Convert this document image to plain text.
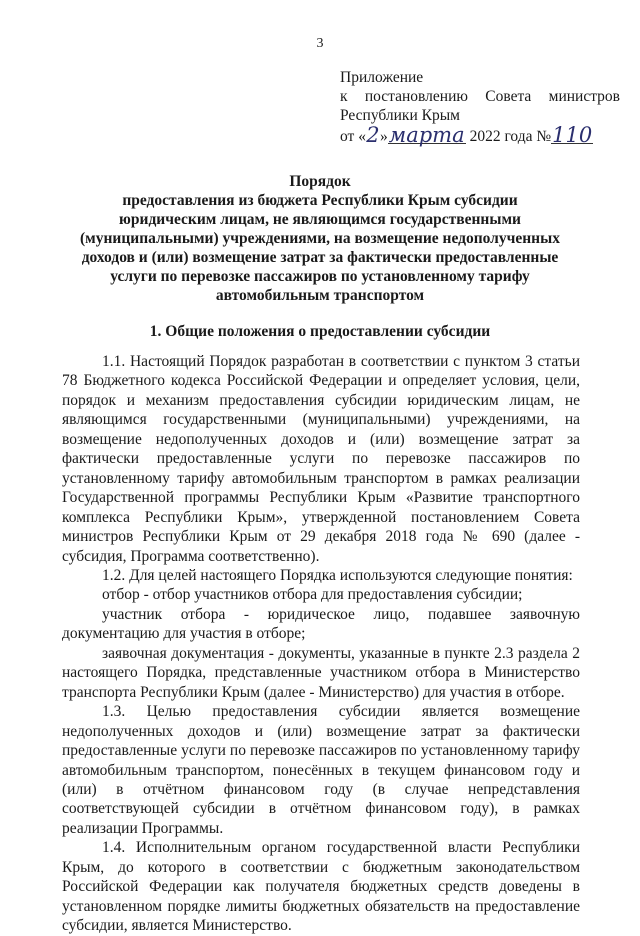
3
Приложение
к постановлению Совета министров
Республики Крым
от «2»марта 2022 года №110
Порядок
предоставления из бюджета Республики Крым субсидии
юридическим лицам, не являющимся государственными
(муниципальными) учреждениями, на возмещение недополученных
доходов и (или) возмещение затрат за фактически предоставленные
услуги по перевозке пассажиров по установленному тарифу
автомобильным транспортом
1. Общие положения о предоставлении субсидии

1.1. Настоящий Порядок разработан в соответствии с пунктом 3 статьи 78 Бюджетного кодекса Российской Федерации и определяет условия, цели, порядок и механизм предоставления субсидии юридическим лицам, не являющимся государственными (муниципальными) учреждениями, на возмещение недополученных доходов и (или) возмещение затрат за фактически предоставленные услуги по перевозке пассажиров по установленному тарифу автомобильным транспортом в рамках реализации Государственной программы Республики Крым «Развитие транспортного комплекса Республики Крым», утвержденной постановлением Совета министров Республики Крым от 29 декабря 2018 года № 690 (далее - субсидия, Программа соответственно).

1.2. Для целей настоящего Порядка используются следующие понятия:

отбор - отбор участников отбора для предоставления субсидии;

участник отбора - юридическое лицо, подавшее заявочную документацию для участия в отборе;

заявочная документация - документы, указанные в пункте 2.3 раздела 2 настоящего Порядка, представленные участником отбора в Министерство транспорта Республики Крым (далее - Министерство) для участия в отборе.

1.3. Целью предоставления субсидии является возмещение недополученных доходов и (или) возмещение затрат за фактически предоставленные услуги по перевозке пассажиров по установленному тарифу автомобильным транспортом, понесённых в текущем финансовом году и (или) в отчётном финансовом году (в случае непредставления соответствующей субсидии в отчётном финансовом году), в рамках реализации Программы.

1.4. Исполнительным органом государственной власти Республики Крым, до которого в соответствии с бюджетным законодательством Российской Федерации как получателя бюджетных средств доведены в установленном порядке лимиты бюджетных обязательств на предоставление субсидии, является Министерство.
